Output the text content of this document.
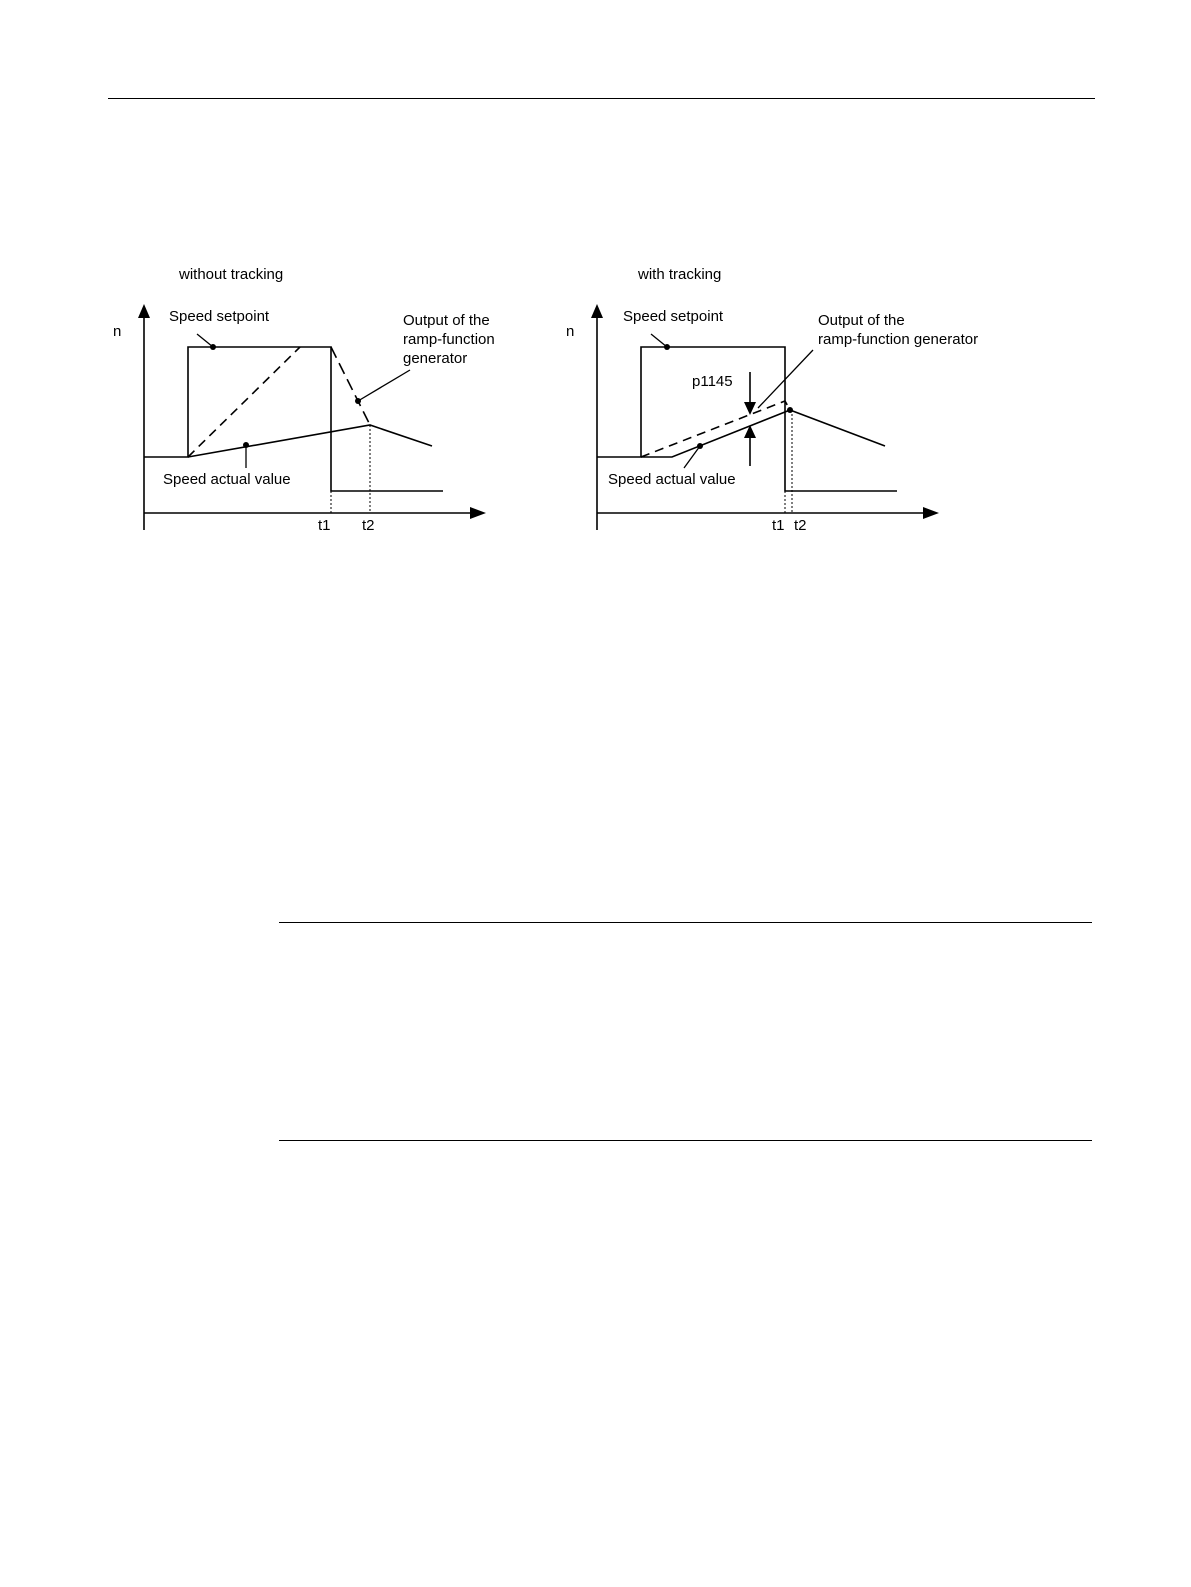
without tracking
n
t1 t2
Speed setpoint	Output of the
ramp-function
generator
Speed actual value
with tracking
n
t1 t2
p1145
Speed setpoint	Output of the
ramp-function generator
Speed actual value
